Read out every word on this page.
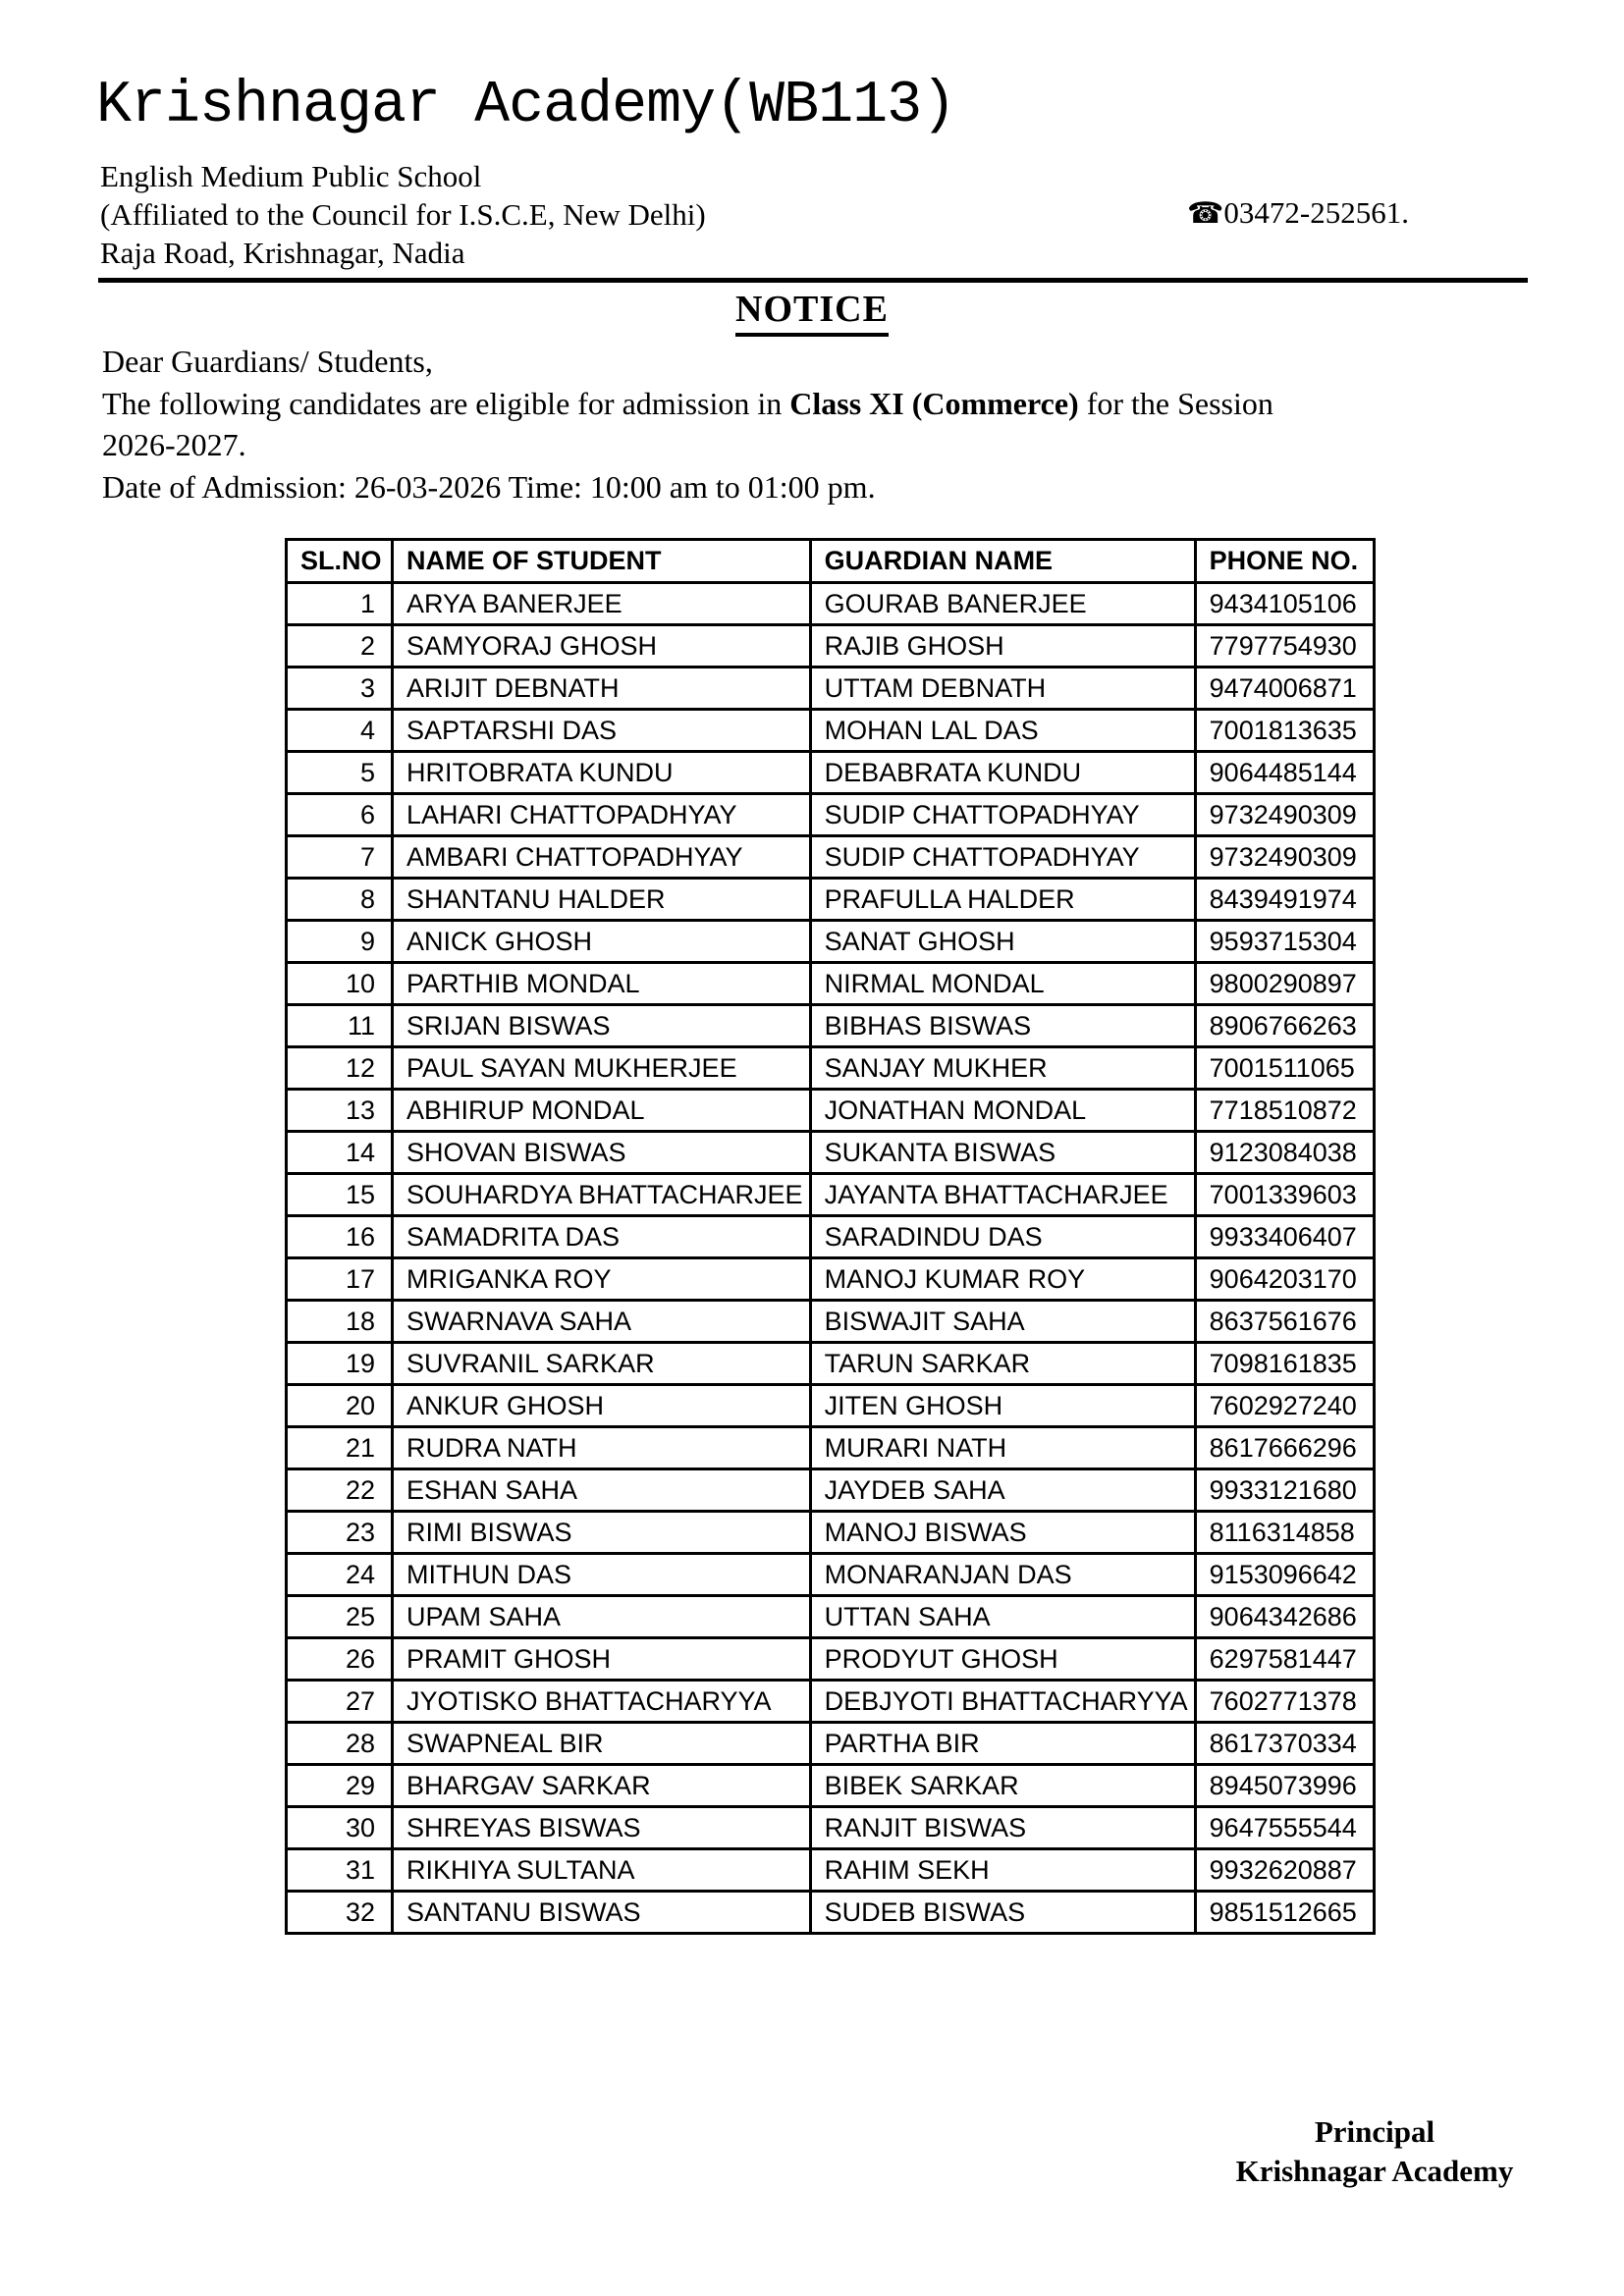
Krishnagar Academy(WB113)
English Medium Public School
(Affiliated to the Council for I.S.C.E, New Delhi)
Raja Road, Krishnagar, Nadia
☎03472-252561.
NOTICE
Dear Guardians/ Students,
The following candidates are eligible for admission in Class XI (Commerce) for the Session
2026-2027.
Date of Admission: 26-03-2026 Time: 10:00 am to 01:00 pm.
SL.NO	NAME OF STUDENT	GUARDIAN NAME	PHONE NO.
1	ARYA BANERJEE	GOURAB BANERJEE	9434105106
2	SAMYORAJ GHOSH	RAJIB GHOSH	7797754930
3	ARIJIT DEBNATH	UTTAM DEBNATH	9474006871
4	SAPTARSHI DAS	MOHAN LAL DAS	7001813635
5	HRITOBRATA KUNDU	DEBABRATA KUNDU	9064485144
6	LAHARI CHATTOPADHYAY	SUDIP CHATTOPADHYAY	9732490309
7	AMBARI CHATTOPADHYAY	SUDIP CHATTOPADHYAY	9732490309
8	SHANTANU HALDER	PRAFULLA HALDER	8439491974
9	ANICK GHOSH	SANAT GHOSH	9593715304
10	PARTHIB MONDAL	NIRMAL MONDAL	9800290897
11	SRIJAN BISWAS	BIBHAS BISWAS	8906766263
12	PAUL SAYAN MUKHERJEE	SANJAY MUKHER	7001511065
13	ABHIRUP MONDAL	JONATHAN MONDAL	7718510872
14	SHOVAN BISWAS	SUKANTA BISWAS	9123084038
15	SOUHARDYA BHATTACHARJEE	JAYANTA BHATTACHARJEE	7001339603
16	SAMADRITA DAS	SARADINDU DAS	9933406407
17	MRIGANKA ROY	MANOJ KUMAR ROY	9064203170
18	SWARNAVA SAHA	BISWAJIT SAHA	8637561676
19	SUVRANIL SARKAR	TARUN SARKAR	7098161835
20	ANKUR GHOSH	JITEN GHOSH	7602927240
21	RUDRA NATH	MURARI NATH	8617666296
22	ESHAN SAHA	JAYDEB SAHA	9933121680
23	RIMI BISWAS	MANOJ BISWAS	8116314858
24	MITHUN DAS	MONARANJAN DAS	9153096642
25	UPAM SAHA	UTTAN SAHA	9064342686
26	PRAMIT GHOSH	PRODYUT GHOSH	6297581447
27	JYOTISKO BHATTACHARYYA	DEBJYOTI BHATTACHARYYA	7602771378
28	SWAPNEAL BIR	PARTHA BIR	8617370334
29	BHARGAV SARKAR	BIBEK SARKAR	8945073996
30	SHREYAS BISWAS	RANJIT BISWAS	9647555544
31	RIKHIYA SULTANA	RAHIM SEKH	9932620887
32	SANTANU BISWAS	SUDEB BISWAS	9851512665
Principal
Krishnagar Academy
